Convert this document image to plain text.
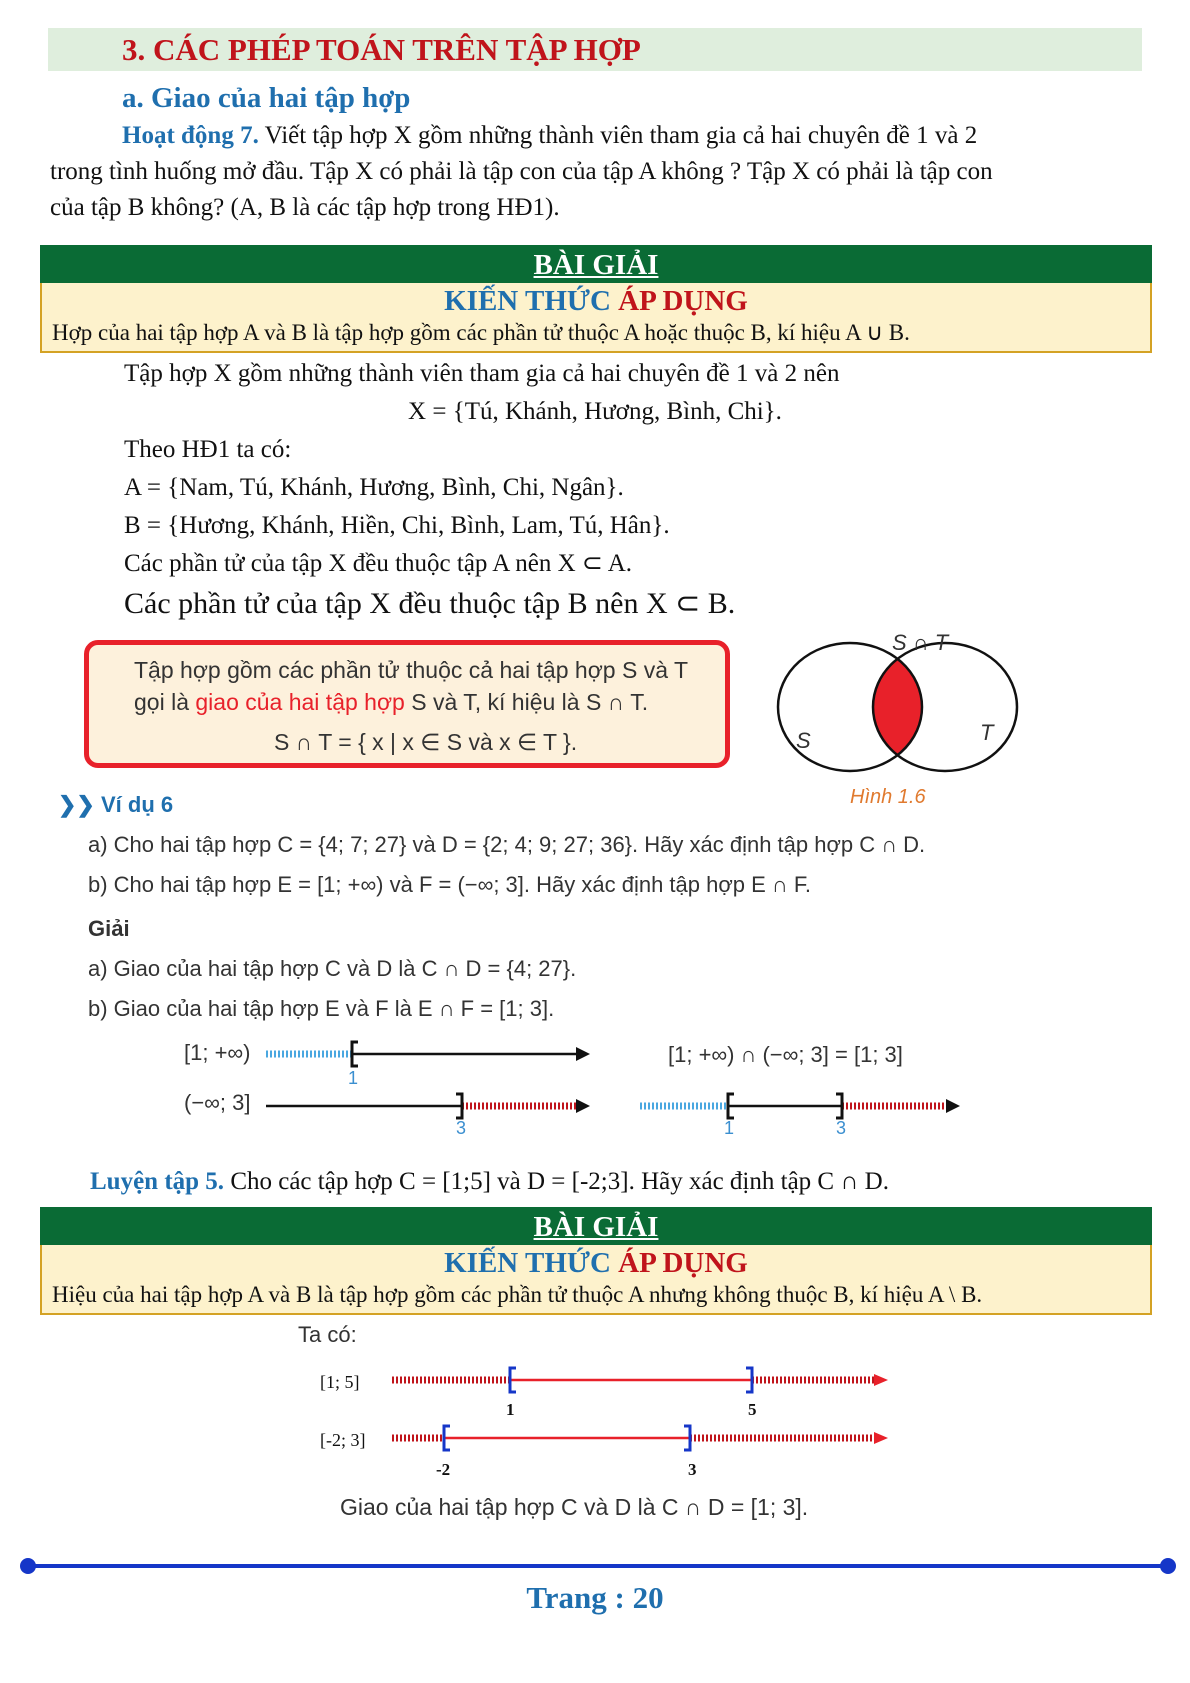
3. CÁC PHÉP TOÁN TRÊN TẬP HỢP
a. Giao của hai tập hợp
Hoạt động 7. Viết tập hợp X gồm những thành viên tham gia cả hai chuyên đề 1 và 2
trong tình huống mở đầu. Tập X có phải là tập con của tập A không ? Tập X có phải là tập con
của tập B không? (A, B là các tập hợp trong HĐ1).
BÀI GIẢI
KIẾN THỨC ÁP DỤNG
Hợp của hai tập hợp A và B là tập hợp gồm các phần tử thuộc A hoặc thuộc B, kí hiệu A ∪ B.
Tập hợp X gồm những thành viên tham gia cả hai chuyên đề 1 và 2 nên
X = {Tú, Khánh, Hương, Bình, Chi}.
Theo HĐ1 ta có:
A = {Nam, Tú, Khánh, Hương, Bình, Chi, Ngân}.
B = {Hương, Khánh, Hiền, Chi, Bình, Lam, Tú, Hân}.
Các phần tử của tập X đều thuộc tập A nên X ⊂ A.
Các phần tử của tập X đều thuộc tập B nên X ⊂ B.
Tập hợp gồm các phần tử thuộc cả hai tập hợp S và T
gọi là giao của hai tập hợp S và T, kí hiệu là S ∩ T.
S ∩ T = { x | x ∈ S và x ∈ T }.
S ∩ T
S	T
Hình 1.6
❯❯ Ví dụ 6
a) Cho hai tập hợp C = {4; 7; 27} và D = {2; 4; 9; 27; 36}. Hãy xác định tập hợp C ∩ D.
b) Cho hai tập hợp E = [1; +∞) và F = (−∞; 3]. Hãy xác định tập hợp E ∩ F.
Giải
a) Giao của hai tập hợp C và D là C ∩ D = {4; 27}.
b) Giao của hai tập hợp E và F là E ∩ F = [1; 3].
[1; +∞)
1
(−∞; 3]
3
[1; +∞) ∩ (−∞; 3] = [1; 3]
1	3
Luyện tập 5. Cho các tập hợp C = [1;5] và D = [-2;3]. Hãy xác định tập C ∩ D.
BÀI GIẢI
KIẾN THỨC ÁP DỤNG
Hiệu của hai tập hợp A và B là tập hợp gồm các phần tử thuộc A nhưng không thuộc B, kí hiệu A \ B.
Ta có:
[1; 5]
1	5
[-2; 3]
-2	3
Giao của hai tập hợp C và D là C ∩ D = [1; 3].
Trang : 20
